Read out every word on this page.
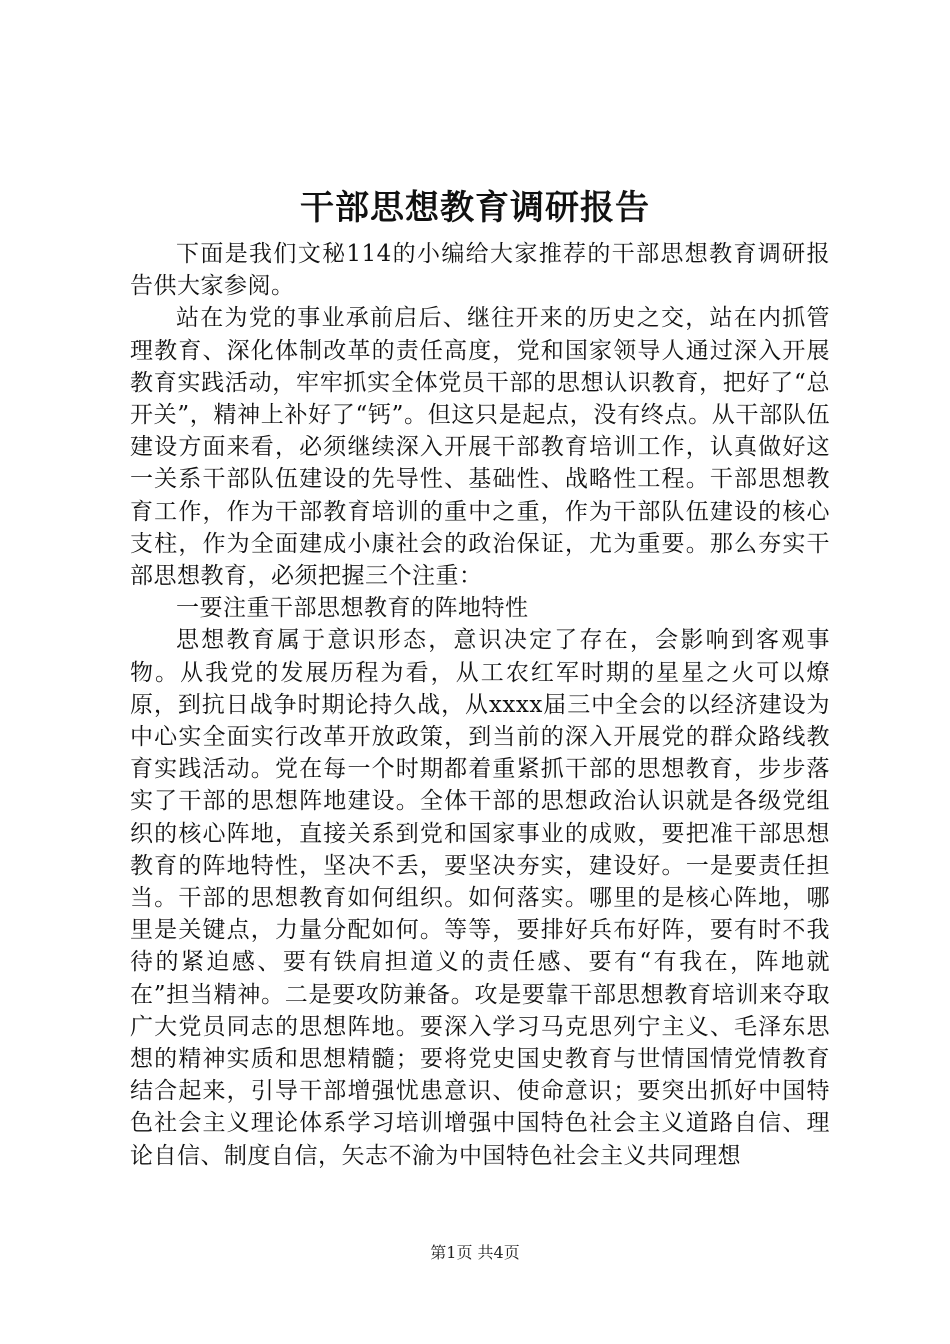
干部思想教育调研报告

下面是我们文秘114的小编给大家推荐的干部思想教育调研报告供大家参阅。

站在为党的事业承前启后、继往开来的历史之交，站在内抓管理教育、深化体制改革的责任高度，党和国家领导人通过深入开展教育实践活动，牢牢抓实全体党员干部的思想认识教育，把好了“总开关”，精神上补好了“钙”。但这只是起点，没有终点。从干部队伍建设方面来看，必须继续深入开展干部教育培训工作，认真做好这一关系干部队伍建设的先导性、基础性、战略性工程。干部思想教育工作，作为干部教育培训的重中之重，作为干部队伍建设的核心支柱，作为全面建成小康社会的政治保证，尤为重要。那么夯实干部思想教育，必须把握三个注重：

一要注重干部思想教育的阵地特性

思想教育属于意识形态，意识决定了存在，会影响到客观事物。从我党的发展历程为看，从工农红军时期的星星之火可以燎原，到抗日战争时期论持久战，从xxxx届三中全会的以经济建设为中心实全面实行改革开放政策，到当前的深入开展党的群众路线教育实践活动。党在每一个时期都着重紧抓干部的思想教育，步步落实了干部的思想阵地建设。全体干部的思想政治认识就是各级党组织的核心阵地，直接关系到党和国家事业的成败，要把准干部思想教育的阵地特性，坚决不丢，要坚决夯实，建设好。一是要责任担当。干部的思想教育如何组织。如何落实。哪里的是核心阵地，哪里是关键点，力量分配如何。等等，要排好兵布好阵，要有时不我待的紧迫感、要有铁肩担道义的责任感、要有“有我在，阵地就在”担当精神。二是要攻防兼备。攻是要靠干部思想教育培训来夺取广大党员同志的思想阵地。要深入学习马克思列宁主义、毛泽东思想的精神实质和思想精髓；要将党史国史教育与世情国情党情教育结合起来，引导干部增强忧患意识、使命意识；要突出抓好中国特色社会主义理论体系学习培训增强中国特色社会主义道路自信、理论自信、制度自信，矢志不渝为中国特色社会主义共同理想

第1页 共4页
